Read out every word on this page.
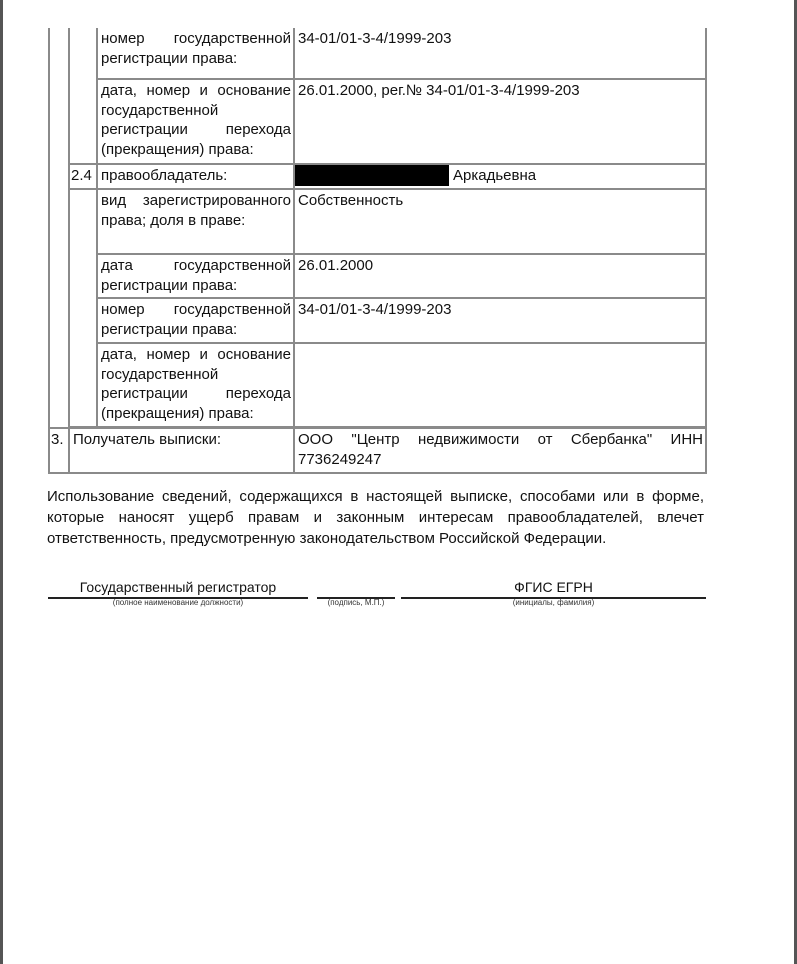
		номер государственной регистрации права:	34-01/01-3-4/1999-203
		дата, номер и основание государственной регистрации перехода (прекращения) права:	26.01.2000, рег.№ 34-01/01-3-4/1999-203
	2.4	правообладатель:	Аркадьевна
		вид зарегистрированного права; доля в праве:	Собственность
		дата государственной регистрации права:	26.01.2000
		номер государственной регистрации права:	34-01/01-3-4/1999-203
		дата, номер и основание государственной регистрации перехода (прекращения) права:	

3.	Получатель выписки:		ООО "Центр недвижимости от Сбербанка" ИНН 7736249247
Использование сведений, содержащихся в настоящей выписке, способами или в форме, которые наносят ущерб правам и законным интересам правообладателей, влечет ответственность, предусмотренную законодательством Российской Федерации.
Государственный регистратор
(полное наименование должности)	(подпись, М.П.)
ФГИС ЕГРН
(инициалы, фамилия)
